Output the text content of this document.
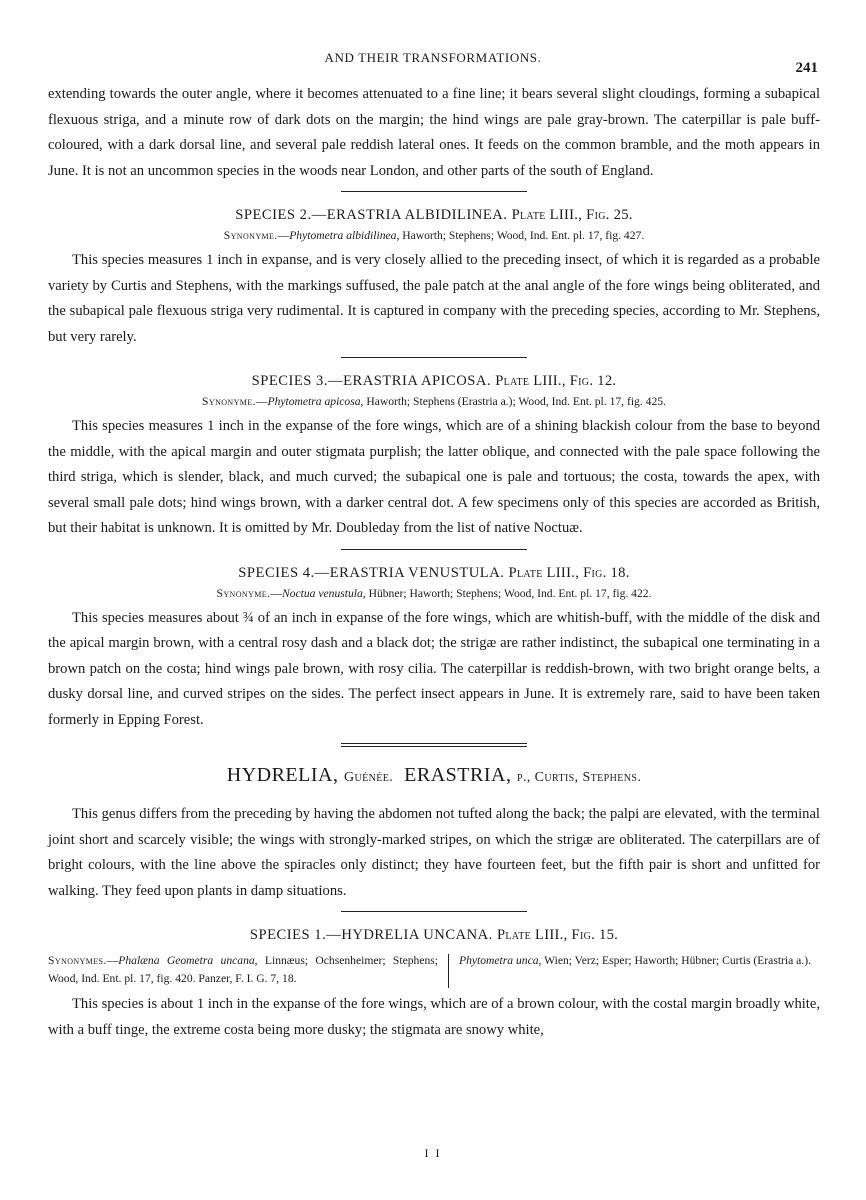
AND THEIR TRANSFORMATIONS.
241

extending towards the outer angle, where it becomes attenuated to a fine line; it bears several slight cloudings, forming a subapical flexuous striga, and a minute row of dark dots on the margin; the hind wings are pale gray-brown. The caterpillar is pale buff-coloured, with a dark dorsal line, and several pale reddish lateral ones. It feeds on the common bramble, and the moth appears in June. It is not an uncommon species in the woods near London, and other parts of the south of England.

SPECIES 2.—ERASTRIA ALBIDILINEA. Plate LIII., Fig. 25.

Synonyme.—Phytometra albidilinea, Haworth; Stephens; Wood, Ind. Ent. pl. 17, fig. 427.

This species measures 1 inch in expanse, and is very closely allied to the preceding insect, of which it is regarded as a probable variety by Curtis and Stephens, with the markings suffused, the pale patch at the anal angle of the fore wings being obliterated, and the subapical pale flexuous striga very rudimental. It is captured in company with the preceding species, according to Mr. Stephens, but very rarely.

SPECIES 3.—ERASTRIA APICOSA. Plate LIII., Fig. 12.

Synonyme.—Phytometra apicosa, Haworth; Stephens (Erastria a.); Wood, Ind. Ent. pl. 17, fig. 425.

This species measures 1 inch in the expanse of the fore wings, which are of a shining blackish colour from the base to beyond the middle, with the apical margin and outer stigmata purplish; the latter oblique, and connected with the pale space following the third striga, which is slender, black, and much curved; the subapical one is pale and tortuous; the costa, towards the apex, with several small pale dots; hind wings brown, with a darker central dot. A few specimens only of this species are accorded as British, but their habitat is unknown. It is omitted by Mr. Doubleday from the list of native Noctuæ.

SPECIES 4.—ERASTRIA VENUSTULA. Plate LIII., Fig. 18.

Synonyme.—Noctua venustula, Hübner; Haworth; Stephens; Wood, Ind. Ent. pl. 17, fig. 422.

This species measures about ¾ of an inch in expanse of the fore wings, which are whitish-buff, with the middle of the disk and the apical margin brown, with a central rosy dash and a black dot; the strigæ are rather indistinct, the subapical one terminating in a brown patch on the costa; hind wings pale brown, with rosy cilia. The caterpillar is reddish-brown, with two bright orange belts, a dusky dorsal line, and curved stripes on the sides. The perfect insect appears in June. It is extremely rare, said to have been taken formerly in Epping Forest.

HYDRELIA, Guénée. ERASTRIA, p., Curtis, Stephens.

This genus differs from the preceding by having the abdomen not tufted along the back; the palpi are elevated, with the terminal joint short and scarcely visible; the wings with strongly-marked stripes, on which the strigæ are obliterated. The caterpillars are of bright colours, with the line above the spiracles only distinct; they have fourteen feet, but the fifth pair is short and unfitted for walking. They feed upon plants in damp situations.

SPECIES 1.—HYDRELIA UNCANA. Plate LIII., Fig. 15.

Synonymes.—Phalæna Geometra uncana, Linnæus; Ochsenheimer; Stephens; Wood, Ind. Ent. pl. 17, fig. 420. Panzer, F. I. G. 7, 18.
Phytometra unca, Wien; Verz; Esper; Haworth; Hübner; Curtis (Erastria a.).

This species is about 1 inch in the expanse of the fore wings, which are of a brown colour, with the costal margin broadly white, with a buff tinge, the extreme costa being more dusky; the stigmata are snowy white,

I I
